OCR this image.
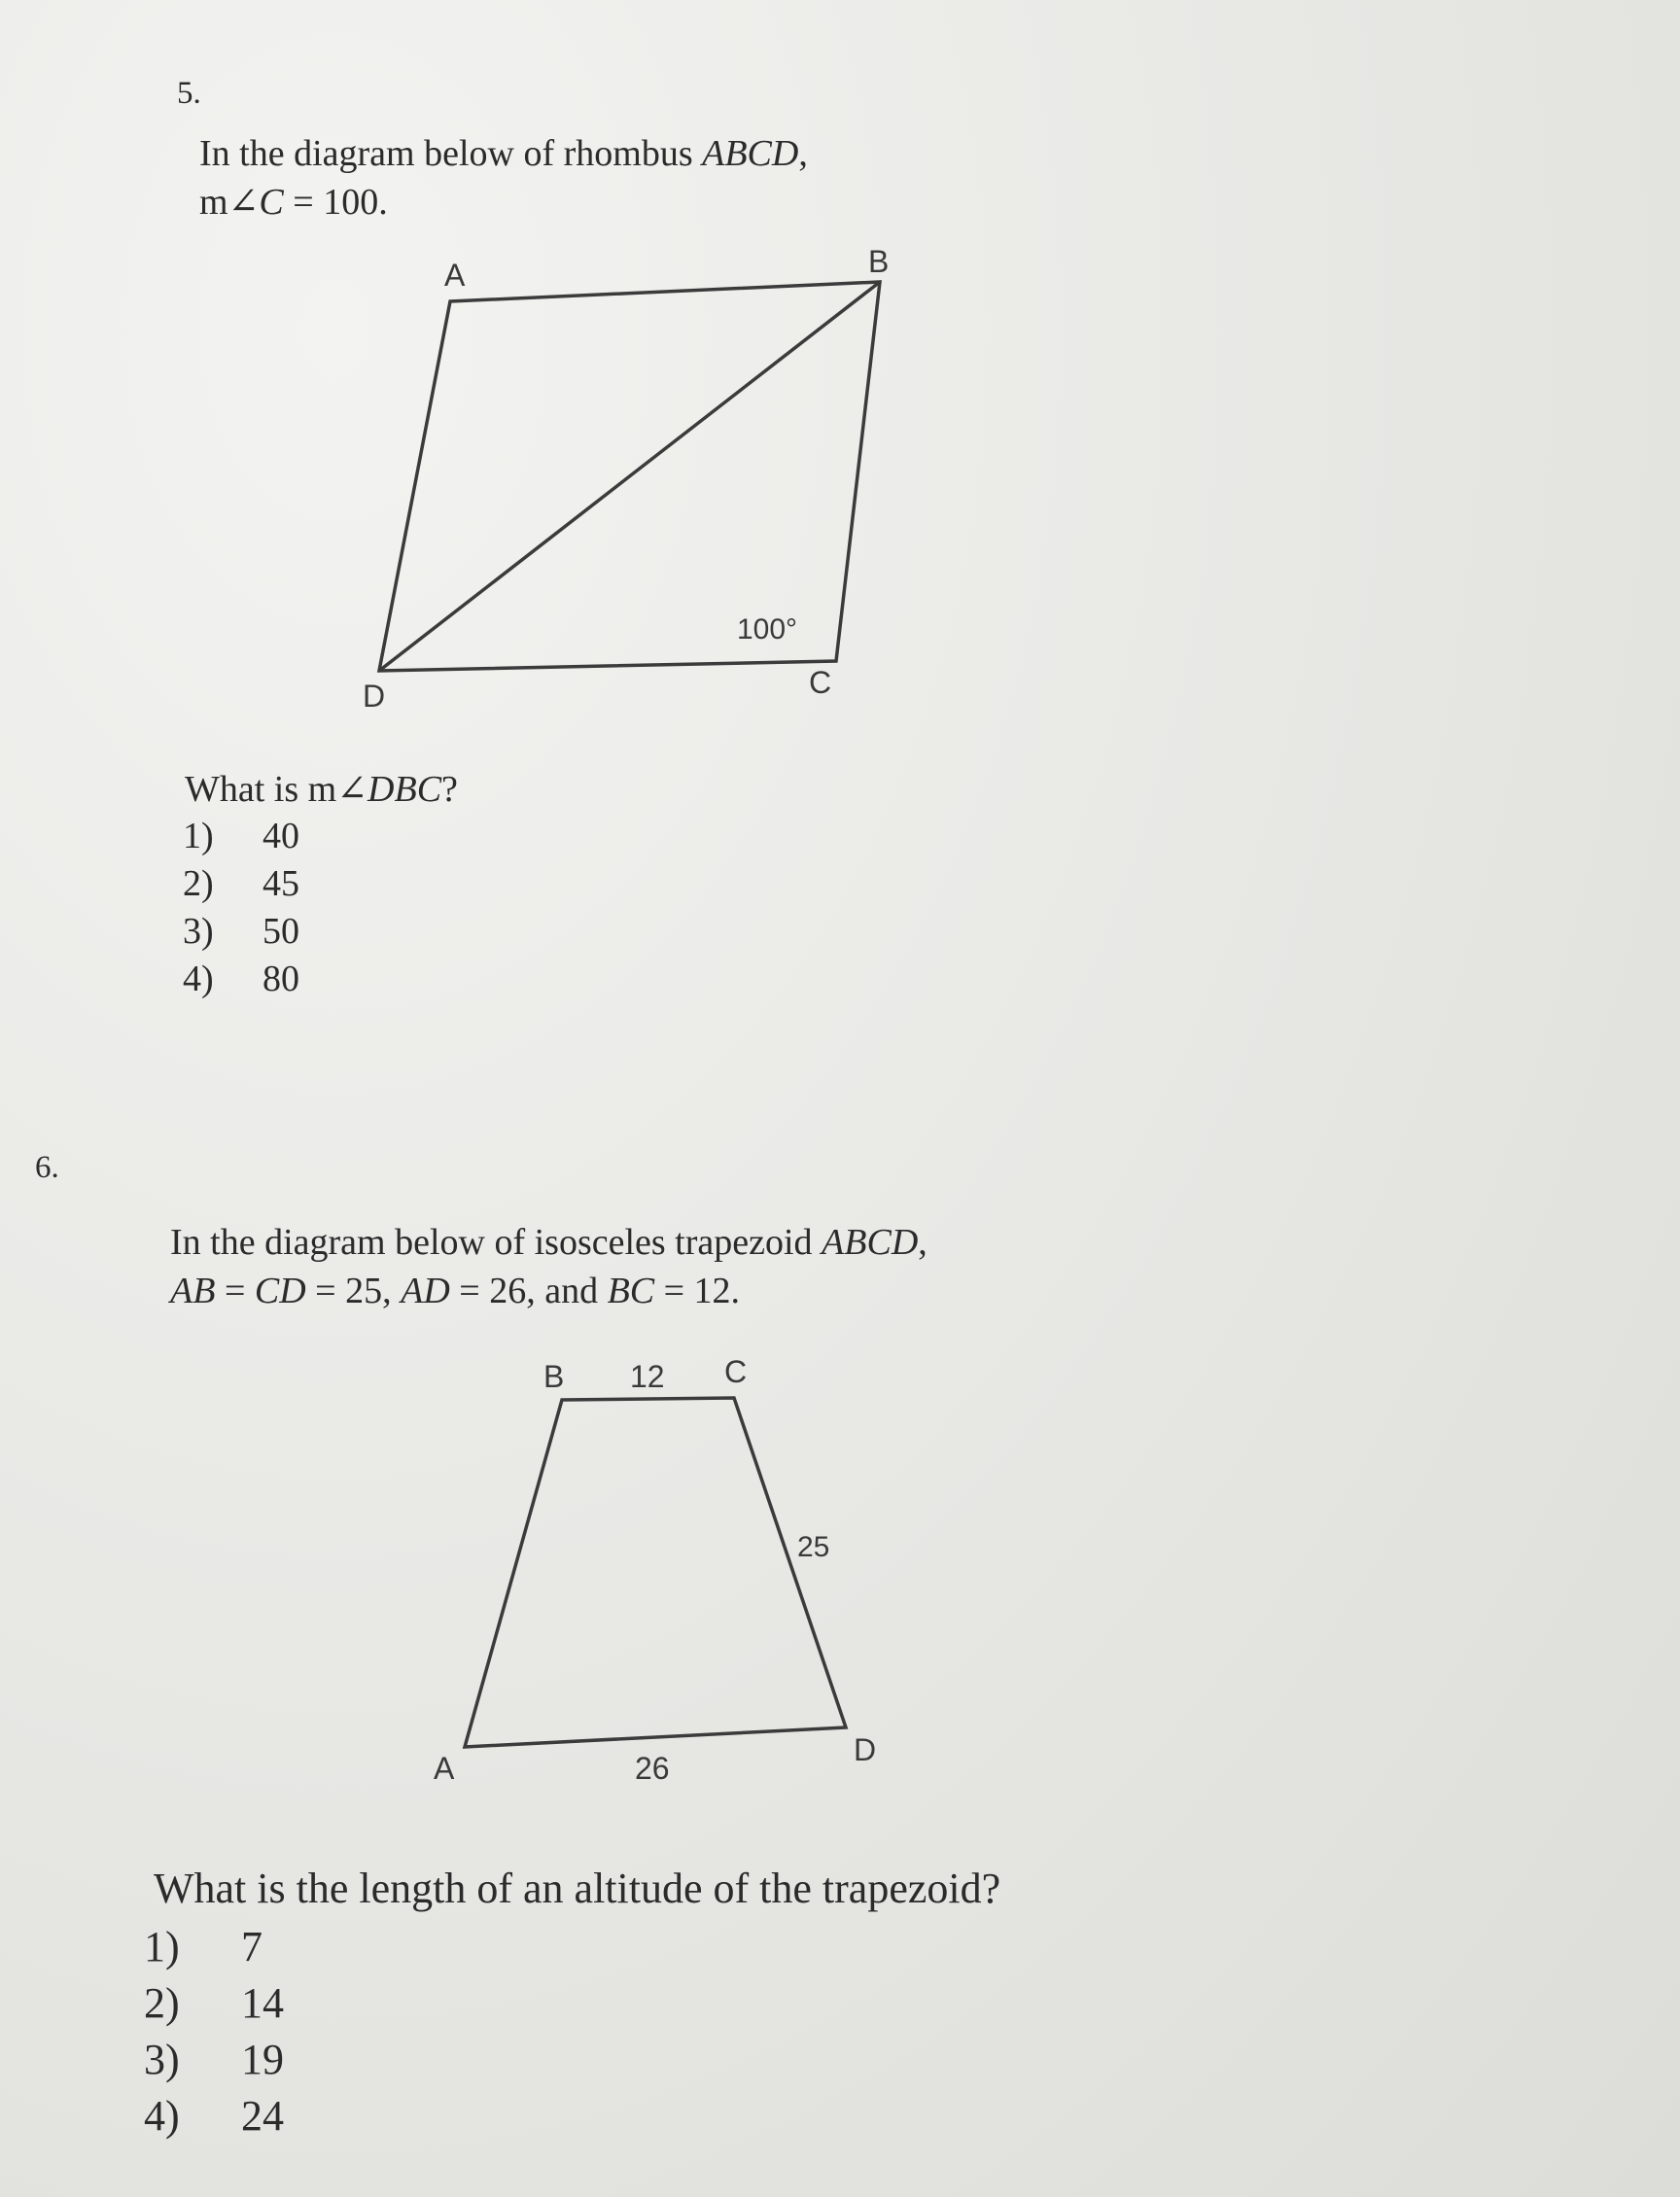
5.
In the diagram below of rhombus ABCD,
m∠C = 100.
A	B
C
D
100°
B 12 C
25
A	26
D
What is m∠DBC?
1) 40
2) 45
3) 50
4) 80
6.
In the diagram below of isosceles trapezoid ABCD,
AB = CD = 25, AD = 26, and BC = 12.
What is the length of an altitude of the trapezoid?
1) 7
2) 14
3) 19
4) 24
